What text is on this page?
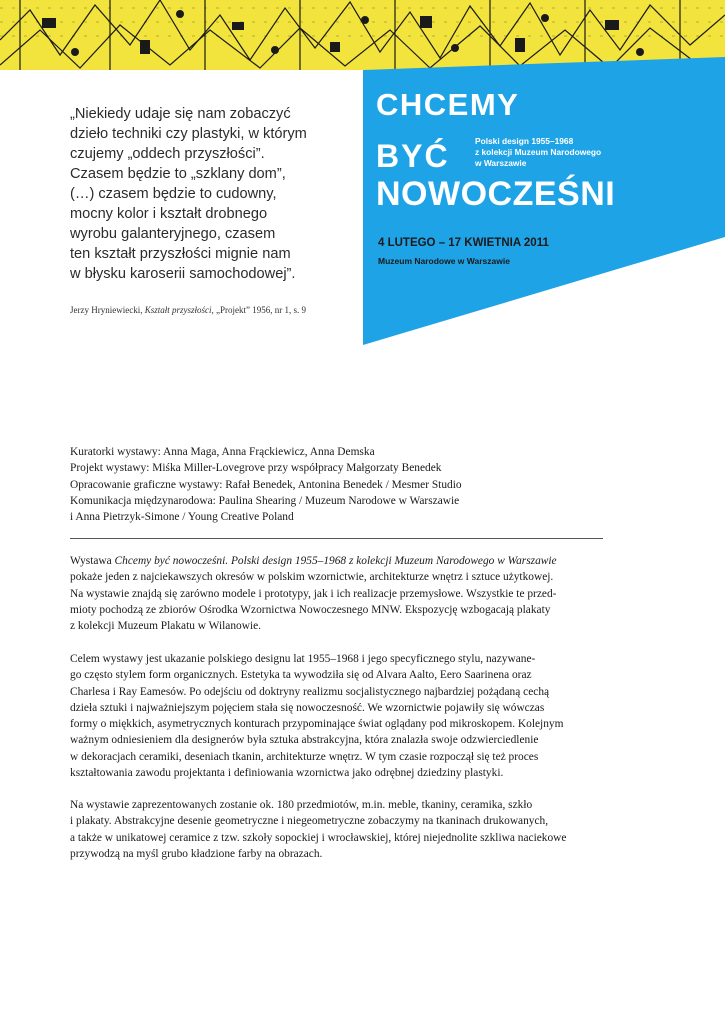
„Niekiedy udaje się nam zobaczyć
dzieło techniki czy plastyki, w którym
czujemy „oddech przyszłości”.
Czasem będzie to „szklany dom”,
(…) czasem będzie to cudowny,
mocny kolor i kształt drobnego
wyrobu galanteryjnego, czasem
ten kształt przyszłości mignie nam
w błysku karoserii samochodowej”.
Jerzy Hryniewiecki, Kształt przyszłości, „Projekt” 1956, nr 1, s. 9
CHCEMY
BYĆ
NOWOCZEŚNI
Polski design 1955–1968
z kolekcji Muzeum Narodowego
w Warszawie
4 LUTEGO – 17 KWIETNIA 2011
Muzeum Narodowe w Warszawie
Kuratorki wystawy: Anna Maga, Anna Frąckiewicz, Anna Demska
Projekt wystawy: Miśka Miller-Lovegrove przy współpracy Małgorzaty Benedek
Opracowanie graficzne wystawy: Rafał Benedek, Antonina Benedek / Mesmer Studio
Komunikacja międzynarodowa: Paulina Shearing / Muzeum Narodowe w Warszawie
i Anna Pietrzyk-Simone / Young Creative Poland
Wystawa Chcemy być nowocześni. Polski design 1955–1968 z kolekcji Muzeum Narodowego w Warszawie
pokaże jeden z najciekawszych okresów w polskim wzornictwie, architekturze wnętrz i sztuce użytkowej.
Na wystawie znajdą się zarówno modele i prototypy, jak i ich realizacje przemysłowe. Wszystkie te przed-
mioty pochodzą ze zbiorów Ośrodka Wzornictwa Nowoczesnego MNW. Ekspozycję wzbogacają plakaty
z kolekcji Muzeum Plakatu w Wilanowie.
Celem wystawy jest ukazanie polskiego designu lat 1955–1968 i jego specyficznego stylu, nazywane-
go często stylem form organicznych. Estetyka ta wywodziła się od Alvara Aalto, Eero Saarinena oraz
Charlesa i Ray Eamesów. Po odejściu od doktryny realizmu socjalistycznego najbardziej pożądaną cechą
dzieła sztuki i najważniejszym pojęciem stała się nowoczesność. We wzornictwie pojawiły się wówczas
formy o miękkich, asymetrycznych konturach przypominające świat oglądany pod mikroskopem. Kolejnym
ważnym odniesieniem dla designerów była sztuka abstrakcyjna, która znalazła swoje odzwierciedlenie
w dekoracjach ceramiki, deseniach tkanin, architekturze wnętrz. W tym czasie rozpoczął się też proces
kształtowania zawodu projektanta i definiowania wzornictwa jako odrębnej dziedziny plastyki.
Na wystawie zaprezentowanych zostanie ok. 180 przedmiotów, m.in. meble, tkaniny, ceramika, szkło
i plakaty. Abstrakcyjne desenie geometryczne i niegeometryczne zobaczymy na tkaninach drukowanych,
a także w unikatowej ceramice z tzw. szkoły sopockiej i wrocławskiej, której niejednolite szkliwa naciekowe
przywodzą na myśl grubo kładzione farby na obrazach.
